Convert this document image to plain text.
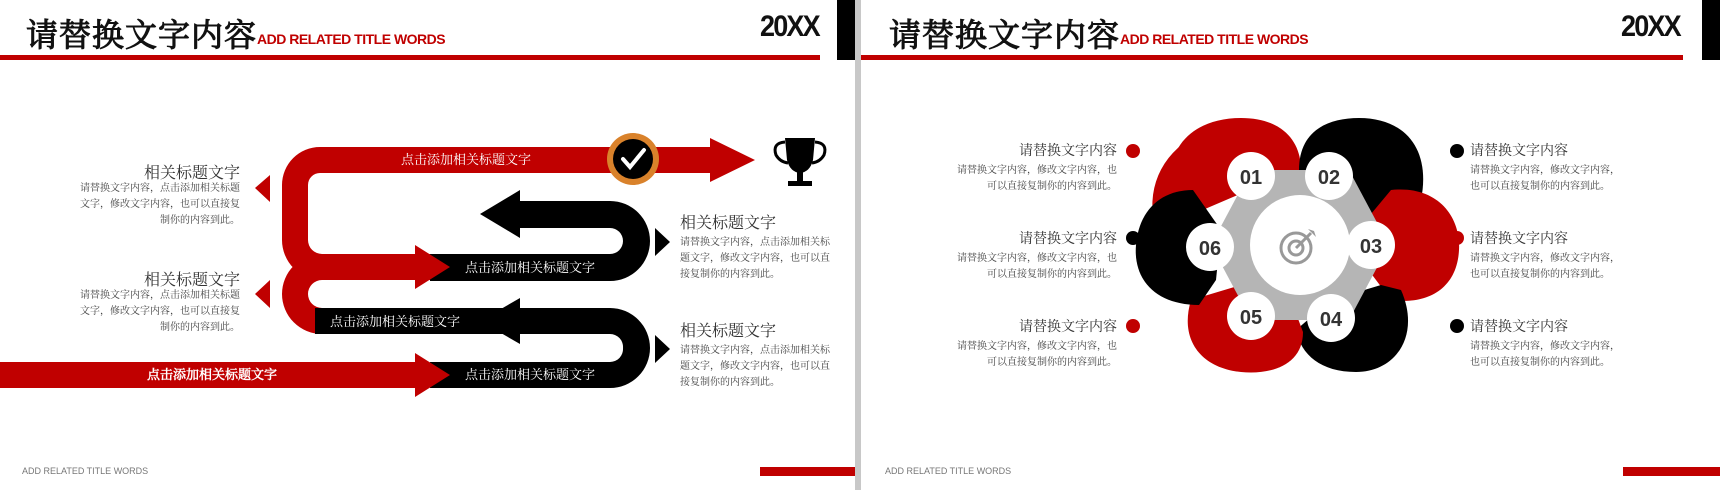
请替换文字内容 ADD RELATED TITLE WORDS	20XX
点击添加相关标题文字
点击添加相关标题文字
点击添加相关标题文字
点击添加相关标题文字
点击添加相关标题文字
相关标题文字
请替换文字内容，点击添加相关标题
文字，修改文字内容，也可以直接复
制你的内容到此。
相关标题文字
请替换文字内容，点击添加相关标题
文字，修改文字内容，也可以直接复
制你的内容到此。
相关标题文字
请替换文字内容，点击添加相关标
题文字，修改文字内容，也可以直
接复制你的内容到此。
相关标题文字
请替换文字内容，点击添加相关标
题文字，修改文字内容，也可以直
接复制你的内容到此。
ADD RELATED TITLE WORDS
请替换文字内容 ADD RELATED TITLE WORDS	20XX
01	02
03
04
05
06
请替换文字内容
请替换文字内容，修改文字内容，也
可以直接复制你的内容到此。
请替换文字内容
请替换文字内容，修改文字内容，也
可以直接复制你的内容到此。
请替换文字内容
请替换文字内容，修改文字内容，也
可以直接复制你的内容到此。
请替换文字内容
请替换文字内容，修改文字内容，
也可以直接复制你的内容到此。
请替换文字内容
请替换文字内容，修改文字内容，
也可以直接复制你的内容到此。
请替换文字内容
请替换文字内容，修改文字内容，
也可以直接复制你的内容到此。
ADD RELATED TITLE WORDS
